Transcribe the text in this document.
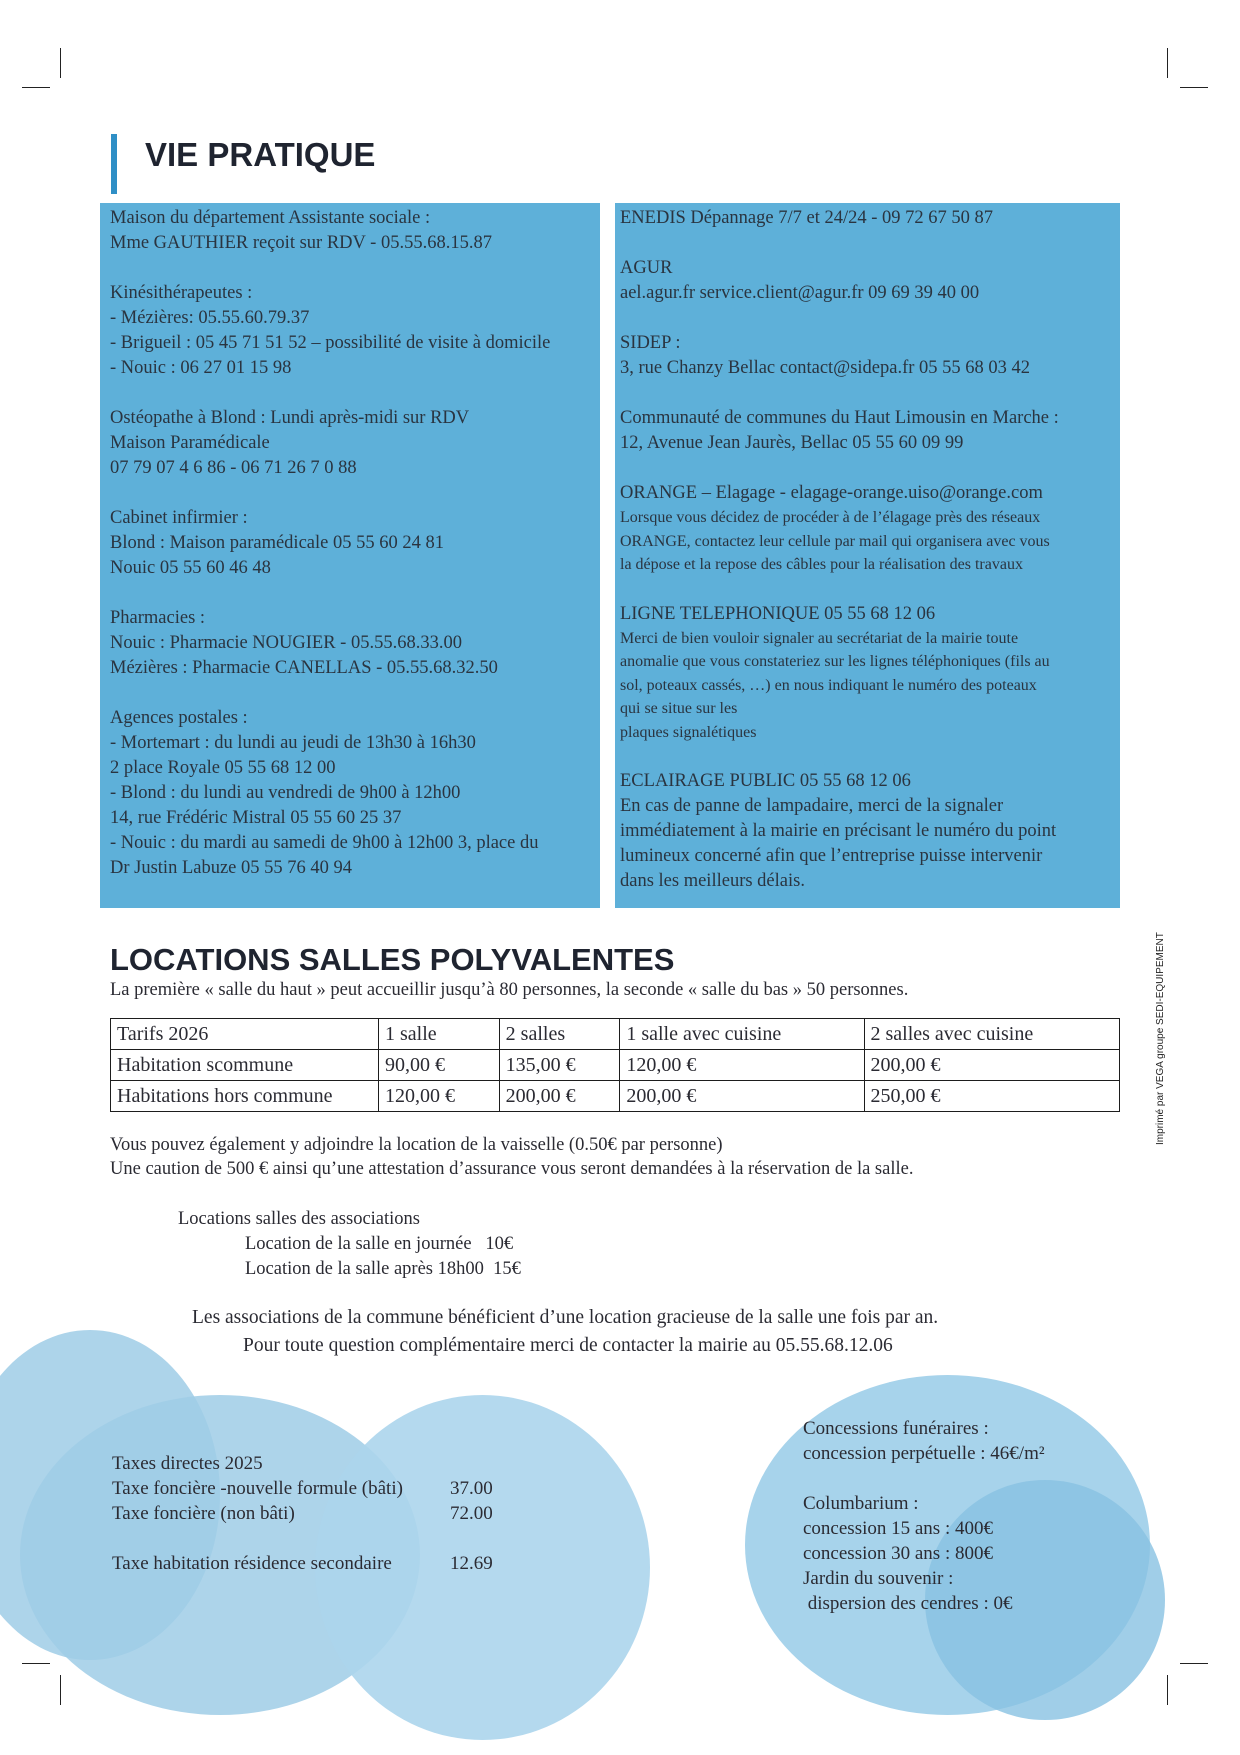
VIE PRATIQUE

Maison du département Assistante sociale :

Mme GAUTHIER reçoit sur RDV - 05.55.68.15.87

Kinésithérapeutes :

- Mézières: 05.55.60.79.37

- Brigueil : 05 45 71 51 52 – possibilité de visite à domicile

- Nouic : 06 27 01 15 98

Ostéopathe à Blond : Lundi après-midi sur RDV

Maison Paramédicale

07 79 07 4 6 86 - 06 71 26 7 0 88

Cabinet infirmier :

Blond : Maison paramédicale 05 55 60 24 81

Nouic 05 55 60 46 48

Pharmacies :

Nouic : Pharmacie NOUGIER - 05.55.68.33.00

Mézières : Pharmacie CANELLAS - 05.55.68.32.50

Agences postales :

- Mortemart : du lundi au jeudi de 13h30 à 16h30

2 place Royale 05 55 68 12 00

- Blond : du lundi au vendredi de 9h00 à 12h00

14, rue Frédéric Mistral 05 55 60 25 37

- Nouic : du mardi au samedi de 9h00 à 12h00 3, place du

Dr Justin Labuze 05 55 76 40 94

ENEDIS Dépannage 7/7 et 24/24 - 09 72 67 50 87

AGUR

ael.agur.fr service.client@agur.fr 09 69 39 40 00

SIDEP :

3, rue Chanzy Bellac contact@sidepa.fr 05 55 68 03 42

Communauté de communes du Haut Limousin en Marche :

12, Avenue Jean Jaurès, Bellac 05 55 60 09 99

ORANGE – Elagage - elagage-orange.uiso@orange.com

Lorsque vous décidez de procéder à de l’élagage près des réseaux

ORANGE, contactez leur cellule par mail qui organisera avec vous

la dépose et la repose des câbles pour la réalisation des travaux

LIGNE TELEPHONIQUE 05 55 68 12 06

Merci de bien vouloir signaler au secrétariat de la mairie toute

anomalie que vous constateriez sur les lignes téléphoniques (fils au

sol, poteaux cassés, …) en nous indiquant le numéro des poteaux

qui se situe sur les

plaques signalétiques

ECLAIRAGE PUBLIC 05 55 68 12 06

En cas de panne de lampadaire, merci de la signaler

immédiatement à la mairie en précisant le numéro du point

lumineux concerné afin que l’entreprise puisse intervenir

dans les meilleurs délais.

LOCATIONS SALLES POLYVALENTES
La première « salle du haut » peut accueillir jusqu’à 80 personnes, la seconde « salle du bas » 50 personnes.
Tarifs 2026	1 salle	2 salles	1 salle avec cuisine	2 salles avec cuisine
Habitation scommune	90,00 €	135,00 €	120,00 €	200,00 €
Habitations hors commune	120,00 €	200,00 €	200,00 €	250,00 €
Vous pouvez également y adjoindre la location de la vaisselle (0.50€ par personne)
Une caution de 500 € ainsi qu’une attestation d’assurance vous seront demandées à la réservation de la salle.
Locations salles des associations
Location de la salle en journée   10€
Location de la salle après 18h00  15€
Les associations de la commune bénéficient d’une location gracieuse de la salle une fois par an.
Pour toute question complémentaire merci de contacter la mairie au 05.55.68.12.06
Taxes directes 2025
Taxe foncière -nouvelle formule (bâti) 37.00
Taxe foncière (non bâti)	72.00
Taxe habitation résidence secondaire	12.69
Concessions funéraires :
concession perpétuelle : 46€/m²
Columbarium :
concession 15 ans : 400€
concession 30 ans : 800€
Jardin du souvenir :
dispersion des cendres : 0€
Imprimé par VEGA groupe SEDI-EQUIPEMENT
